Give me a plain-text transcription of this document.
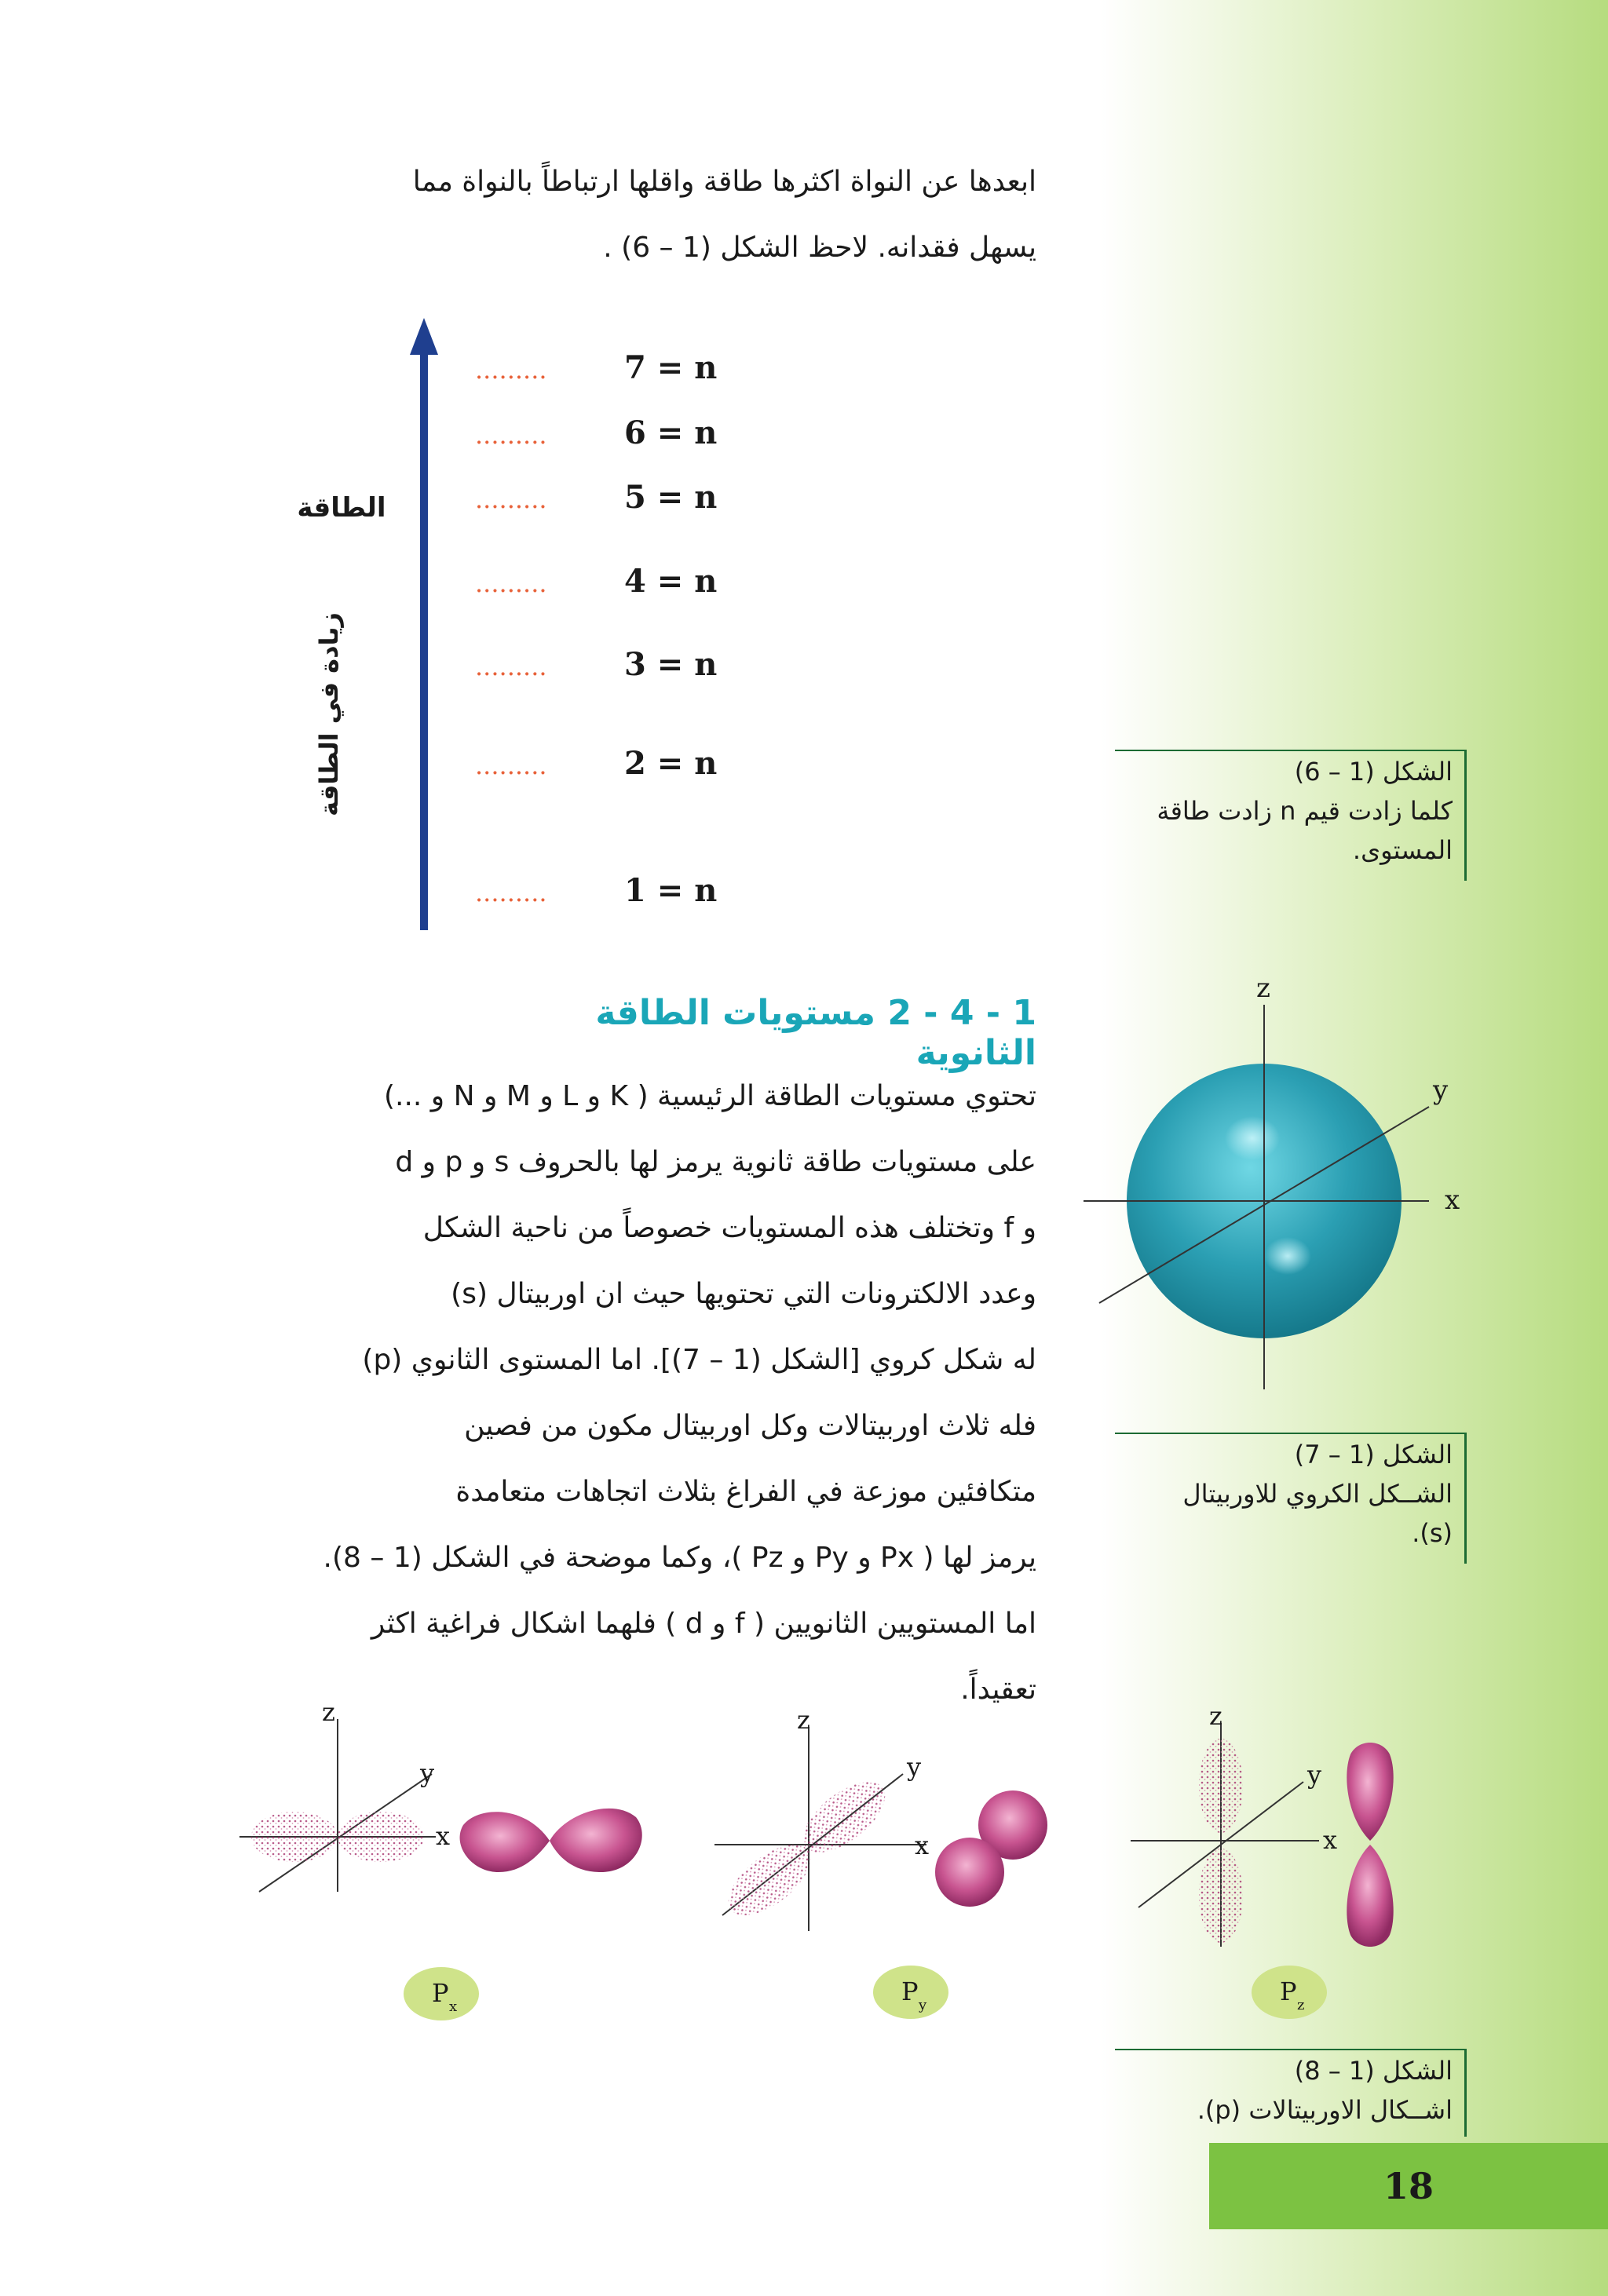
ابعدها عن النواة اكثرها طاقة واقلها ارتباطاً بالنواة مما
يسهل فقدانه. لاحظ الشكل (1 – 6) .
الطاقة
زيادة في الطاقة
......... 7 = n
......... 6 = n
......... 5 = n
......... 4 = n
......... 3 = n
......... 2 = n
......... 1 = n
الشكل (1 – 6)
كلما زادت قيم n زادت طاقة
المستوى.
1 - 4 - 2 مستويات الطاقة الثانوية
تحتوي مستويات الطاقة الرئيسية ( K و L و M و N و ...)
على مستويات طاقة ثانوية يرمز لها بالحروف s و p و d
و f وتختلف هذه المستويات خصوصاً من ناحية الشكل
وعدد الالكترونات التي تحتويها حيث ان اوربيتال (s)
له شكل كروي [الشكل (1 – 7)]. اما المستوى الثانوي (p)
فله ثلاث اوربيتالات وكل اوربيتال مكون من فصين
متكافئين موزعة في الفراغ بثلاث اتجاهات متعامدة
يرمز لها ( Px و Py و Pz )، وكما موضحة في الشكل (1 – 8).
اما المستويين الثانويين ( f و d ) فلهما اشكال فراغية اكثر
تعقيداً.
z
y
x
الشكل (1 – 7)
الشــكل الكروي للاوربيتال
(s).
z
y
x
P x
z
y
x
P y
z
y
x
P z
الشكل (1 – 8)
اشــكال الاوربيتالات (p).
18
